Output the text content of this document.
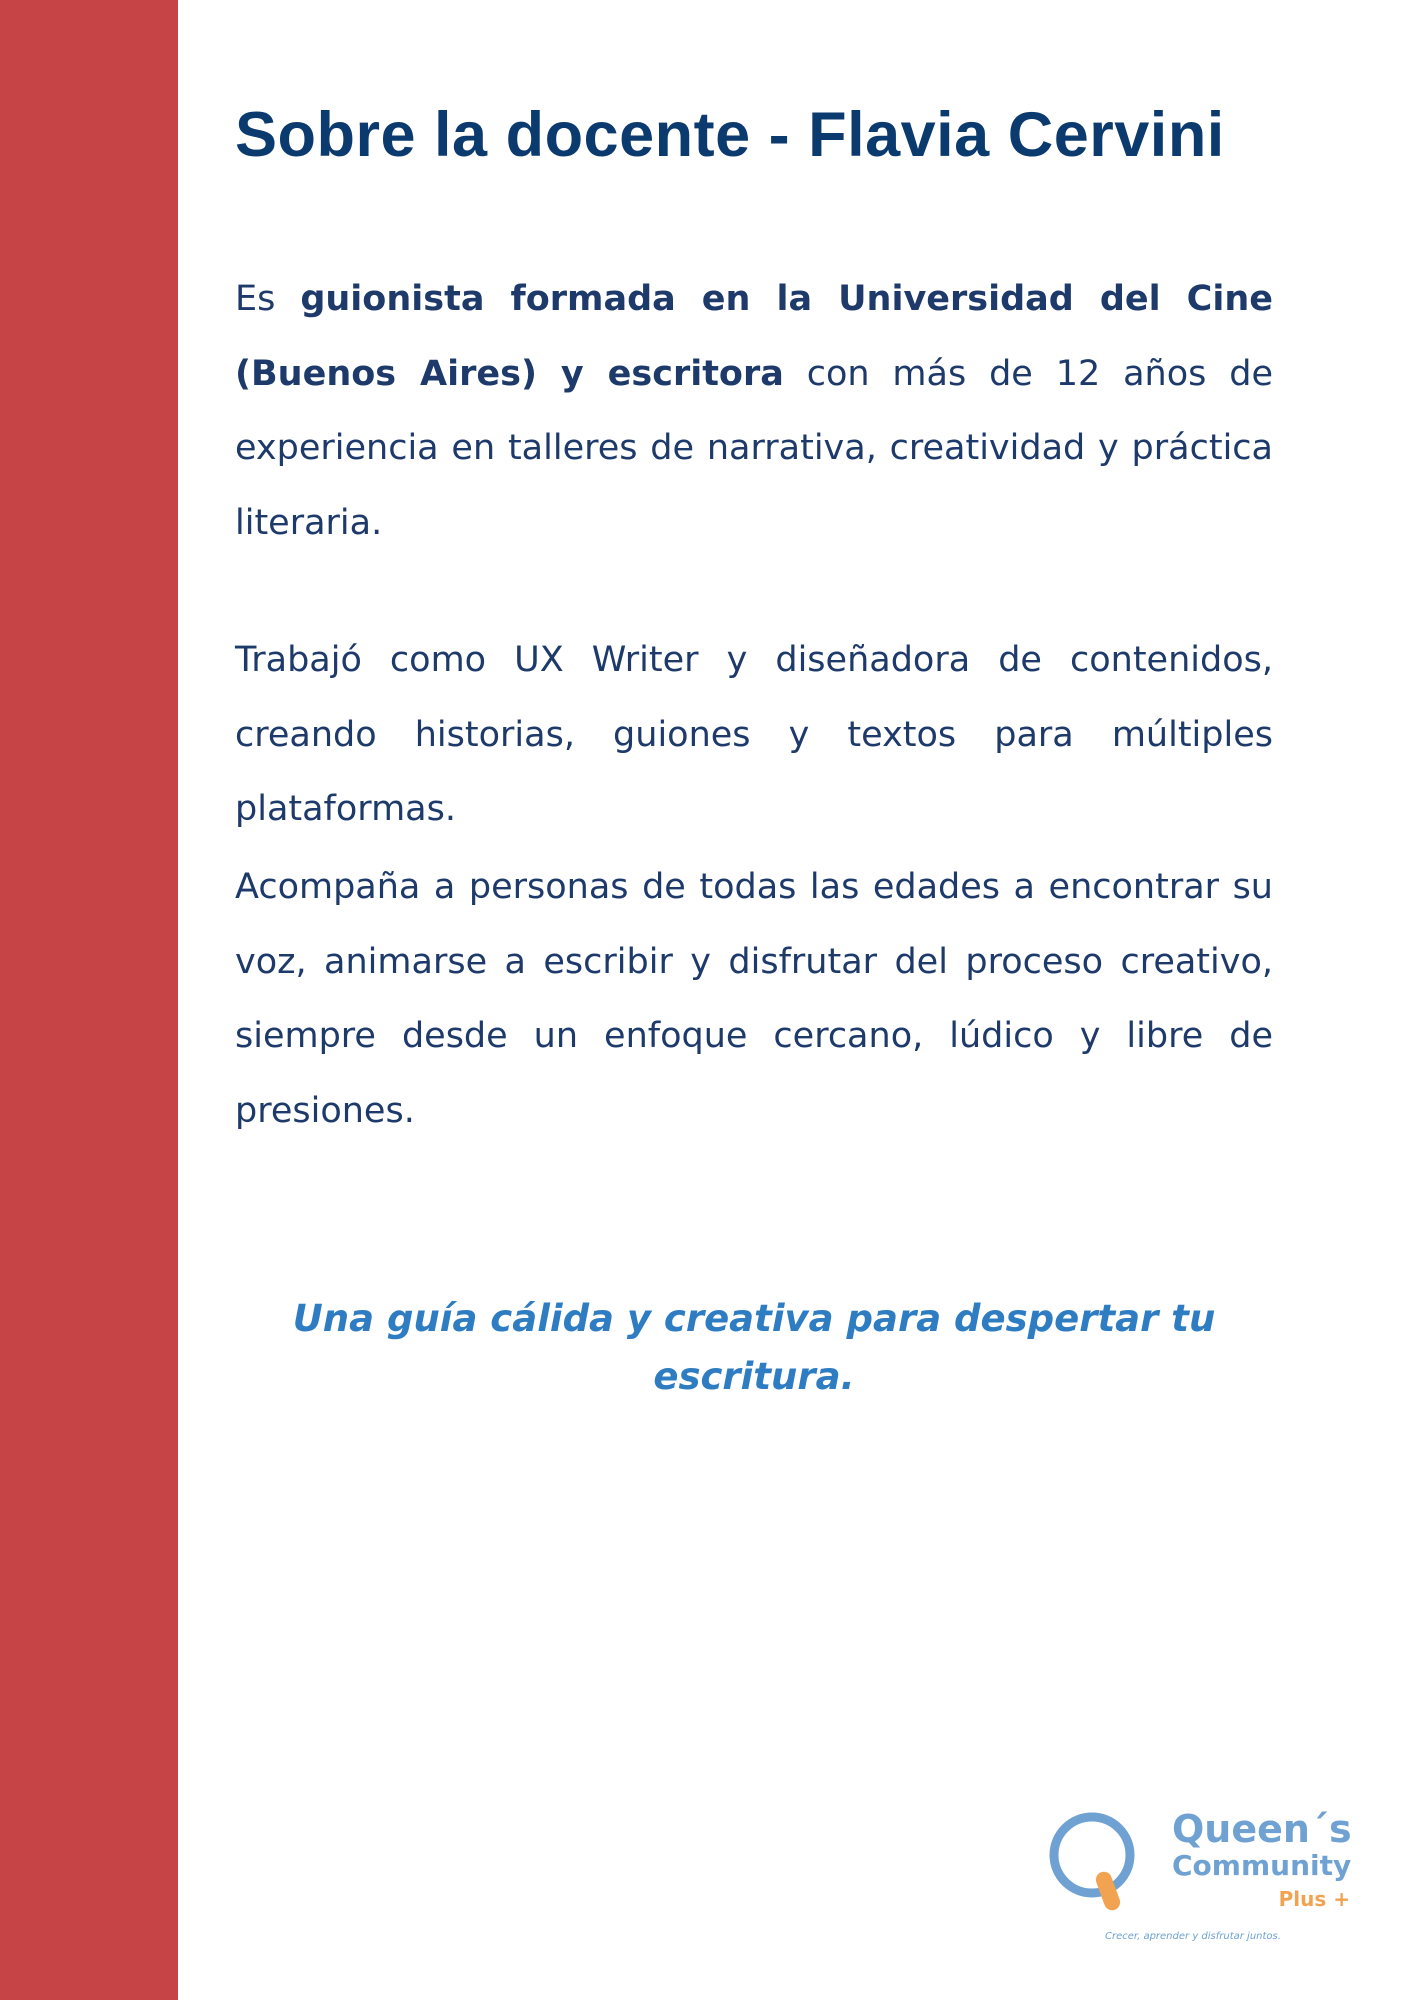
Sobre la docente - Flavia Cervini

Es guionista formada en la Universidad del Cine (Buenos Aires) y escritora con más de 12 años de experiencia en talleres de narrativa, creatividad y práctica literaria.

Trabajó como UX Writer y diseñadora de contenidos, creando historias, guiones y textos para múltiples plataformas.

Acompaña a personas de todas las edades a encontrar su voz, animarse a escribir y disfrutar del proceso creativo, siempre desde un enfoque cercano, lúdico y libre de presiones.

Una guía cálida y creativa para despertar tu
escritura.

Queen´s
Community
Plus +
Crecer, aprender y disfrutar juntos.
